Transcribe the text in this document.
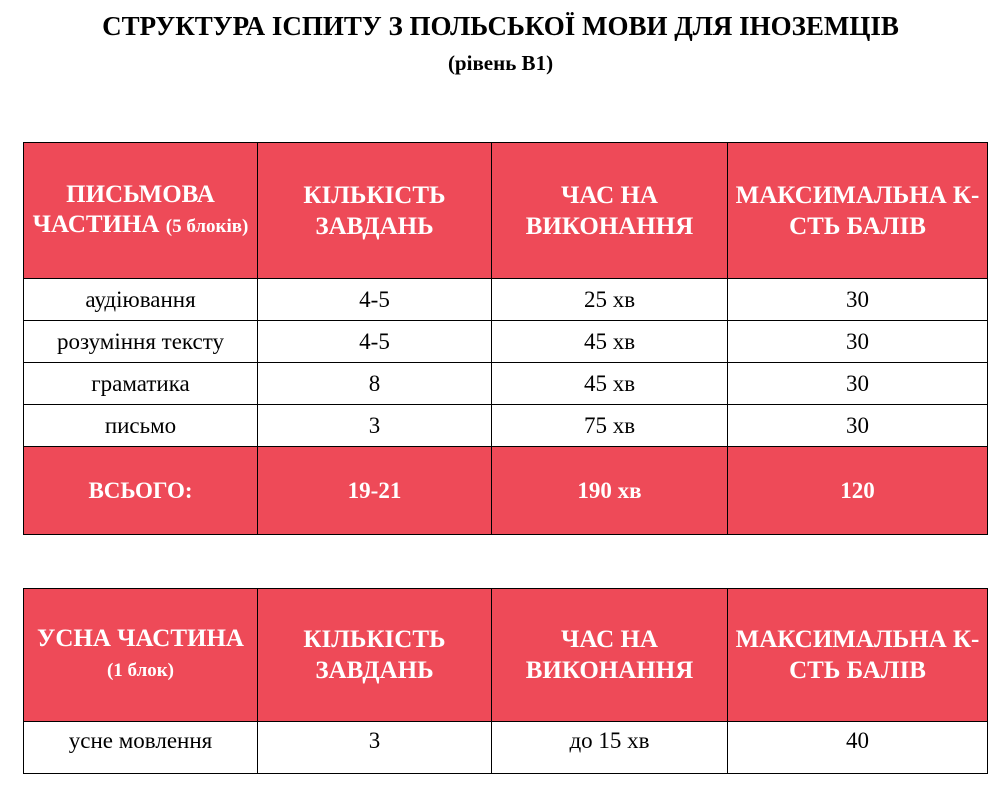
СТРУКТУРА ІСПИТУ З ПОЛЬСЬКОЇ МОВИ ДЛЯ ІНОЗЕМЦІВ
(рівень В1)
ПИСЬМОВА ЧАСТИНА (5 блоків)	КІЛЬКІСТЬ ЗАВДАНЬ	ЧАС НА ВИКОНАННЯ	МАКСИМАЛЬНА К-СТЬ БАЛІВ
аудіювання	4-5	25 хв	30
розуміння тексту	4-5	45 хв	30
граматика	8	45 хв	30
письмо	3	75 хв	30
ВСЬОГО:	19-21	190 хв	120
УСНА ЧАСТИНА (1 блок)	КІЛЬКІСТЬ ЗАВДАНЬ	ЧАС НА ВИКОНАННЯ	МАКСИМАЛЬНА К-СТЬ БАЛІВ
усне мовлення	3	до 15 хв	40
